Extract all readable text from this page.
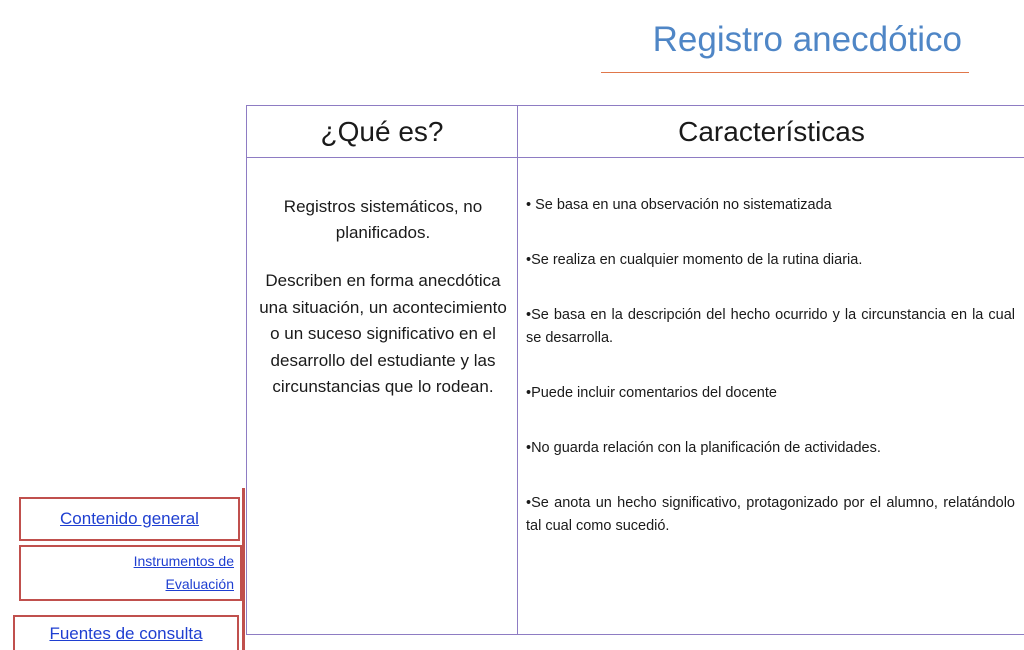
Registro anecdótico
¿Qué es?	Características

Registros sistemáticos, no
planificados.

Describen en forma anecdótica una situación, un acontecimiento o un suceso significativo en el desarrollo del estudiante y las circunstancias que lo rodean.

• Se basa en una observación no sistematizada

•Se realiza en cualquier momento de la rutina diaria.

•Se basa en la descripción del hecho ocurrido y la circunstancia en la cual se desarrolla.

•Puede incluir comentarios del docente

•No guarda relación con la planificación de actividades.

•Se anota un hecho significativo, protagonizado por el alumno, relatándolo tal cual como sucedió.

Contenido general
Instrumentos de
Evaluación
Fuentes de consulta
